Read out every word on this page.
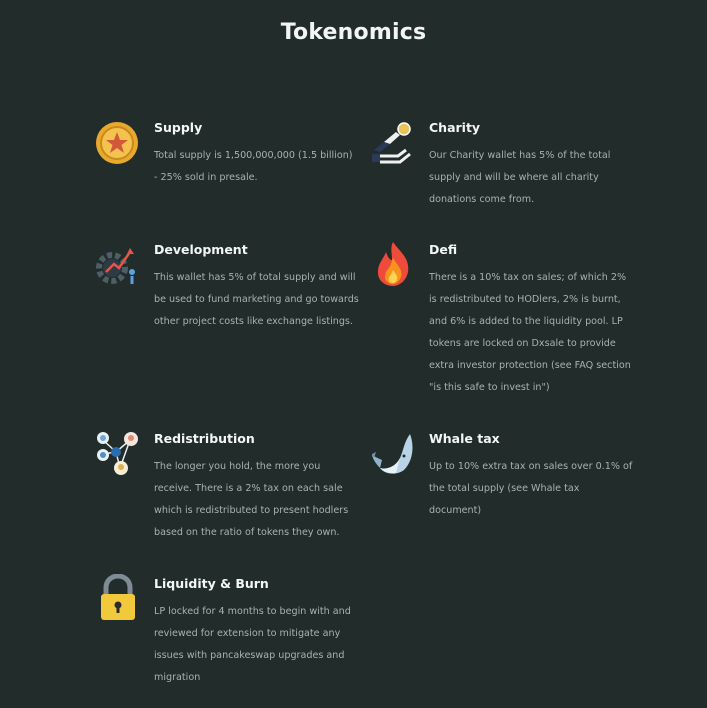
Tokenomics
Supply

Total supply is 1,500,000,000 (1.5 billion) - 25% sold in presale.

Charity

Our Charity wallet has 5% of the total supply and will be where all charity donations come from.

Development

This wallet has 5% of total supply and will be used to fund marketing and go towards other project costs like exchange listings.

Defi

There is a 10% tax on sales; of which 2% is redistributed to HODlers, 2% is burnt, and 6% is added to the liquidity pool. LP tokens are locked on Dxsale to provide extra investor protection (see FAQ section "is this safe to invest in")

Redistribution

The longer you hold, the more you receive. There is a 2% tax on each sale which is redistributed to present hodlers based on the ratio of tokens they own.

Whale tax

Up to 10% extra tax on sales over 0.1% of the total supply (see Whale tax document)

Liquidity & Burn

LP locked for 4 months to begin with and reviewed for extension to mitigate any issues with pancakeswap upgrades and migration
